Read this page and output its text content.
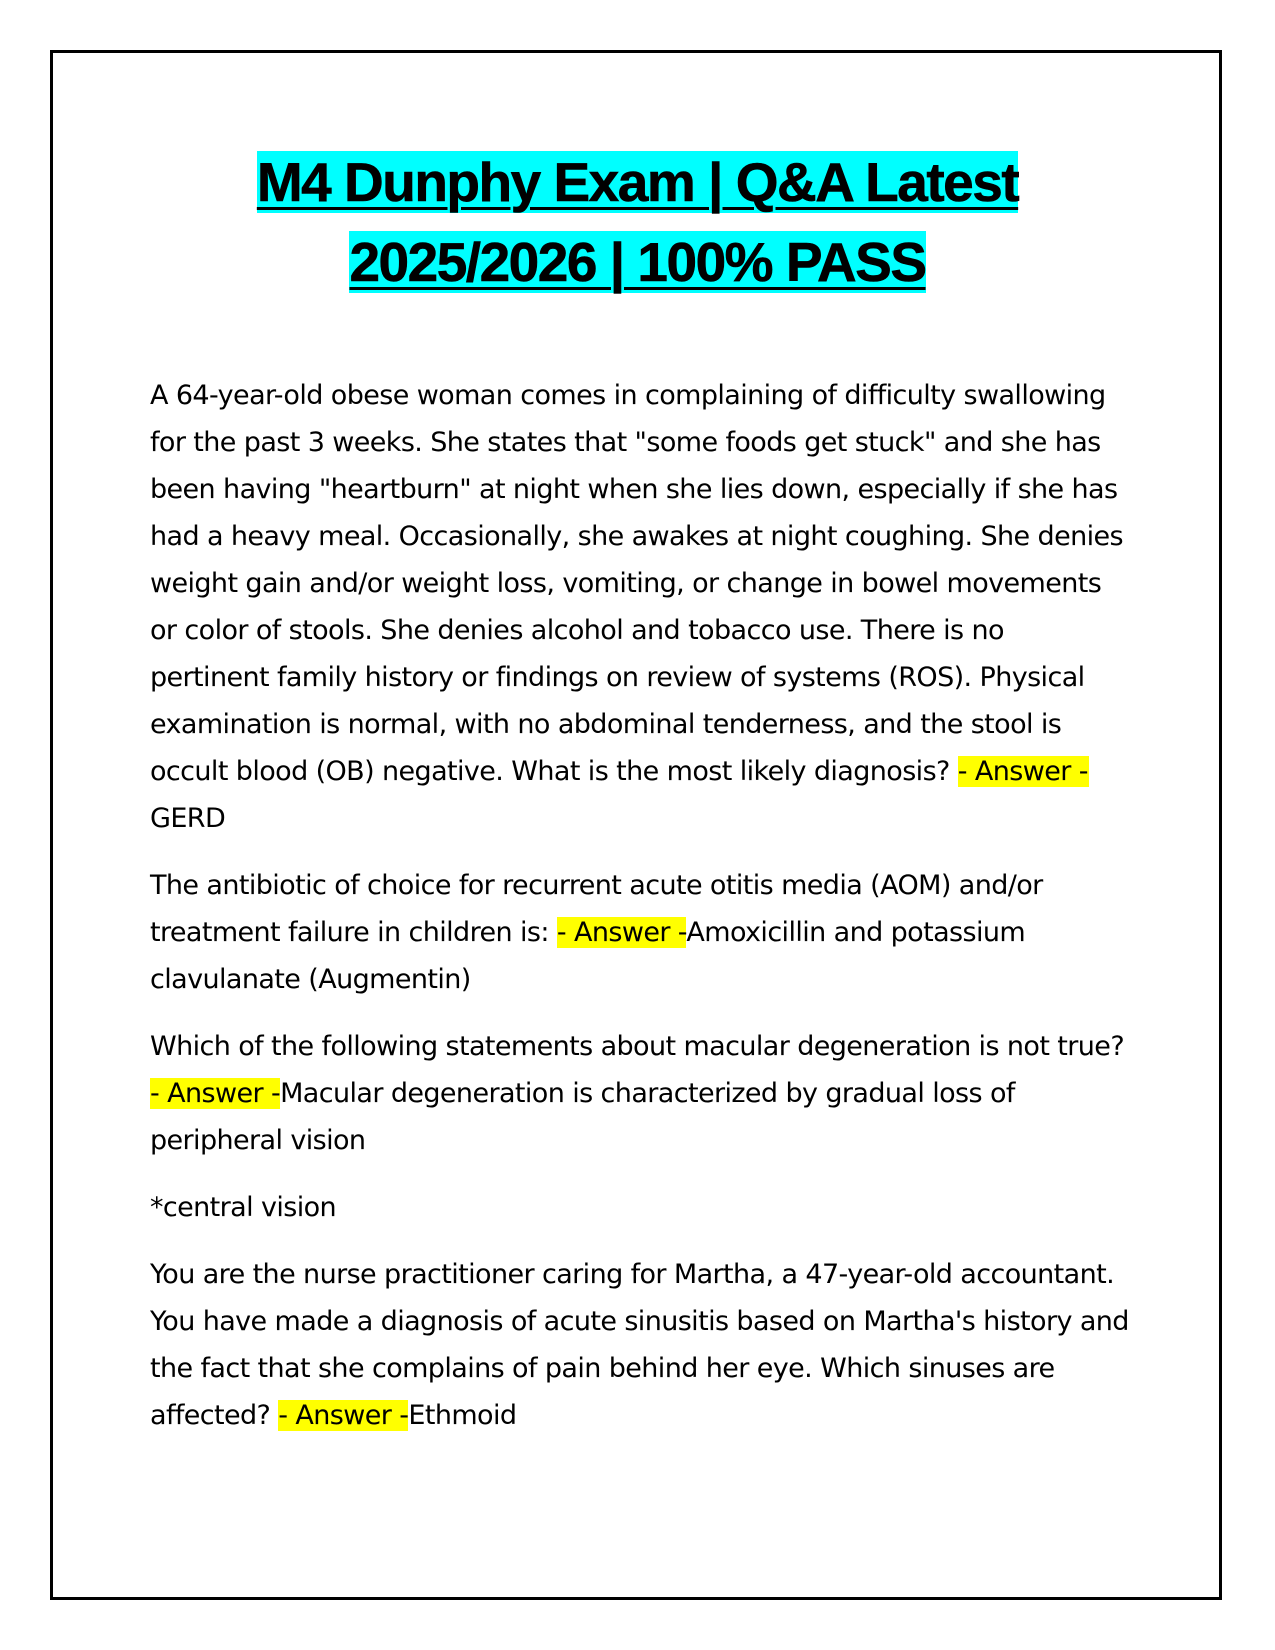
M4 Dunphy Exam | Q&A Latest
2025/2026 | 100% PASS

A 64-year-old obese woman comes in complaining of difficulty swallowing for the past 3 weeks. She states that "some foods get stuck" and she has been having "heartburn" at night when she lies down, especially if she has had a heavy meal. Occasionally, she awakes at night coughing. She denies weight gain and/or weight loss, vomiting, or change in bowel movements or color of stools. She denies alcohol and tobacco use. There is no pertinent family history or findings on review of systems (ROS). Physical examination is normal, with no abdominal tenderness, and the stool is occult blood (OB) negative. What is the most likely diagnosis? - Answer -GERD

The antibiotic of choice for recurrent acute otitis media (AOM) and/or treatment failure in children is: - Answer -Amoxicillin and potassium clavulanate (Augmentin)

Which of the following statements about macular degeneration is not true? - Answer -Macular degeneration is characterized by gradual loss of peripheral vision

*central vision

You are the nurse practitioner caring for Martha, a 47-year-old accountant. You have made a diagnosis of acute sinusitis based on Martha's history and the fact that she complains of pain behind her eye. Which sinuses are affected? - Answer -Ethmoid
